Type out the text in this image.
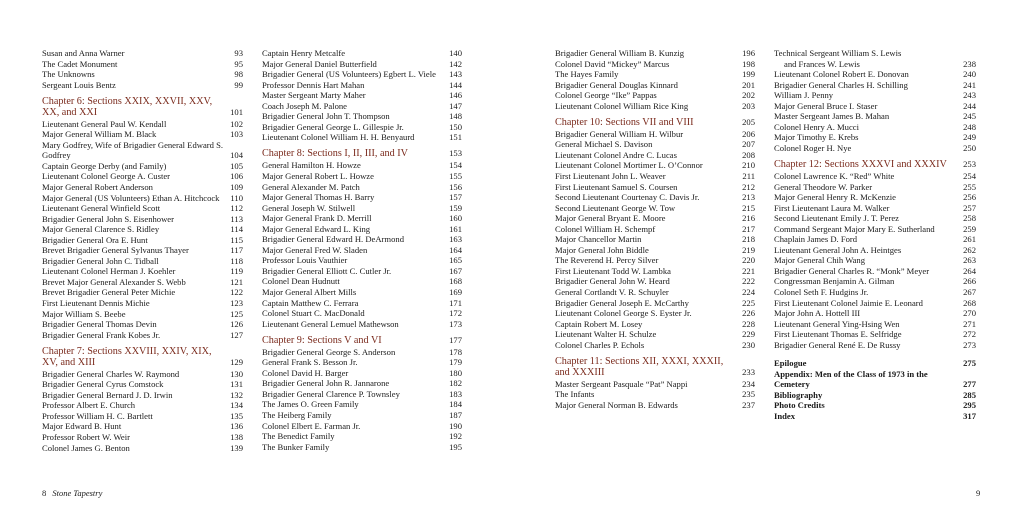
Susan and Anna Warner	93
The Cadet Monument	95
The Unknowns	98
Sergeant Louis Bentz	99
Chapter 6: Sections XXIX, XXVII, XXV, XX, and XXI	101
Lieutenant General Paul W. Kendall	102
Major General William M. Black	103
Mary Godfrey, Wife of Brigadier General Edward S. Godfrey	104
Captain George Derby (and Family)	105
Lieutenant Colonel George A. Custer	106
Major General Robert Anderson	109
Major General (US Volunteers) Ethan A. Hitchcock	110
Lieutenant General Winfield Scott	112
Brigadier General John S. Eisenhower	113
Major General Clarence S. Ridley	114
Brigadier General Ora E. Hunt	115
Brevet Brigadier General Sylvanus Thayer	117
Brigadier General John C. Tidball	118
Lieutenant Colonel Herman J. Koehler	119
Brevet Major General Alexander S. Webb	121
Brevet Brigadier General Peter Michie	122
First Lieutenant Dennis Michie	123
Major William S. Beebe	125
Brigadier General Thomas Devin	126
Brigadier General Frank Kobes Jr.	127
Chapter 7: Sections XXVIII, XXIV, XIX, XV, and XIII	129
Brigadier General Charles W. Raymond	130
Brigadier General Cyrus Comstock	131
Brigadier General Bernard J. D. Irwin	132
Professor Albert E. Church	134
Professor William H. C. Bartlett	135
Major Edward B. Hunt	136
Professor Robert W. Weir	138
Colonel James G. Benton	139
Captain Henry Metcalfe	140
Major General Daniel Butterfield	142
Brigadier General (US Volunteers) Egbert L. Viele	143
Professor Dennis Hart Mahan	144
Master Sergeant Marty Maher	146
Coach Joseph M. Palone	147
Brigadier General John T. Thompson	148
Brigadier General George L. Gillespie Jr.	150
Lieutenant Colonel William H. H. Benyaurd	151
Chapter 8: Sections I, II, III, and IV	153
General Hamilton H. Howze	154
Major General Robert L. Howze	155
General Alexander M. Patch	156
Major General Thomas H. Barry	157
General Joseph W. Stilwell	159
Major General Frank D. Merrill	160
Major General Edward L. King	161
Brigadier General Edward H. DeArmond	163
Major General Fred W. Sladen	164
Professor Louis Vauthier	165
Brigadier General Elliott C. Cutler Jr.	167
Colonel Dean Hudnutt	168
Major General Albert Mills	169
Captain Matthew C. Ferrara	171
Colonel Stuart C. MacDonald	172
Lieutenant General Lemuel Mathewson	173
Chapter 9: Sections V and VI	177
Brigadier General George S. Anderson	178
General Frank S. Besson Jr.	179
Colonel David H. Barger	180
Brigadier General John R. Jannarone	182
Brigadier General Clarence P. Townsley	183
The James O. Green Family	184
The Heiberg Family	187
Colonel Elbert E. Farman Jr.	190
The Benedict Family	192
The Bunker Family	195
Brigadier General William B. Kunzig	196
Colonel David “Mickey” Marcus	198
The Hayes Family	199
Brigadier General Douglas Kinnard	201
Colonel George “Ike” Pappas	202
Lieutenant Colonel William Rice King	203
Chapter 10: Sections VII and VIII	205
Brigadier General William H. Wilbur	206
General Michael S. Davison	207
Lieutenant Colonel Andre C. Lucas	208
Lieutenant Colonel Mortimer L. O’Connor	210
First Lieutenant John L. Weaver	211
First Lieutenant Samuel S. Coursen	212
Second Lieutenant Courtenay C. Davis Jr.	213
Second Lieutenant George W. Tow	215
Major General Bryant E. Moore	216
Colonel William H. Schempf	217
Major Chancellor Martin	218
Major General John Biddle	219
The Reverend H. Percy Silver	220
First Lieutenant Todd W. Lambka	221
Brigadier General John W. Heard	222
General Cortlandt V. R. Schuyler	224
Brigadier General Joseph E. McCarthy	225
Lieutenant Colonel George S. Eyster Jr.	226
Captain Robert M. Losey	228
Lieutenant Walter H. Schulze	229
Colonel Charles P. Echols	230
Chapter 11: Sections XII, XXXI, XXXII, and XXXIII	233
Master Sergeant Pasquale “Pat” Nappi	234
The Infants	235
Major General Norman B. Edwards	237
Technical Sergeant William S. Lewis
and Frances W. Lewis	238
Lieutenant Colonel Robert E. Donovan	240
Brigadier General Charles H. Schilling	241
William J. Penny	243
Major General Bruce I. Staser	244
Master Sergeant James B. Mahan	245
Colonel Henry A. Mucci	248
Major Timothy E. Krebs	249
Colonel Roger H. Nye	250
Chapter 12: Sections XXXVI and XXXIV	253
Colonel Lawrence K. “Red” White	254
General Theodore W. Parker	255
Major General Henry R. McKenzie	256
First Lieutenant Laura M. Walker	257
Second Lieutenant Emily J. T. Perez	258
Command Sergeant Major Mary E. Sutherland	259
Chaplain James D. Ford	261
Lieutenant General John A. Heintges	262
Major General Chih Wang	263
Brigadier General Charles R. “Monk” Meyer	264
Congressman Benjamin A. Gilman	266
Colonel Seth F. Hudgins Jr.	267
First Lieutenant Colonel Jaimie E. Leonard	268
Major John A. Hottell III	270
Lieutenant General Ying-Hsing Wen	271
First Lieutenant Thomas E. Selfridge	272
Brigadier General René E. De Russy	273
Epilogue	275
Appendix: Men of the Class of 1973 in the Cemetery	277
Bibliography	285
Photo Credits	295
Index	317
8 Stone Tapestry	9
